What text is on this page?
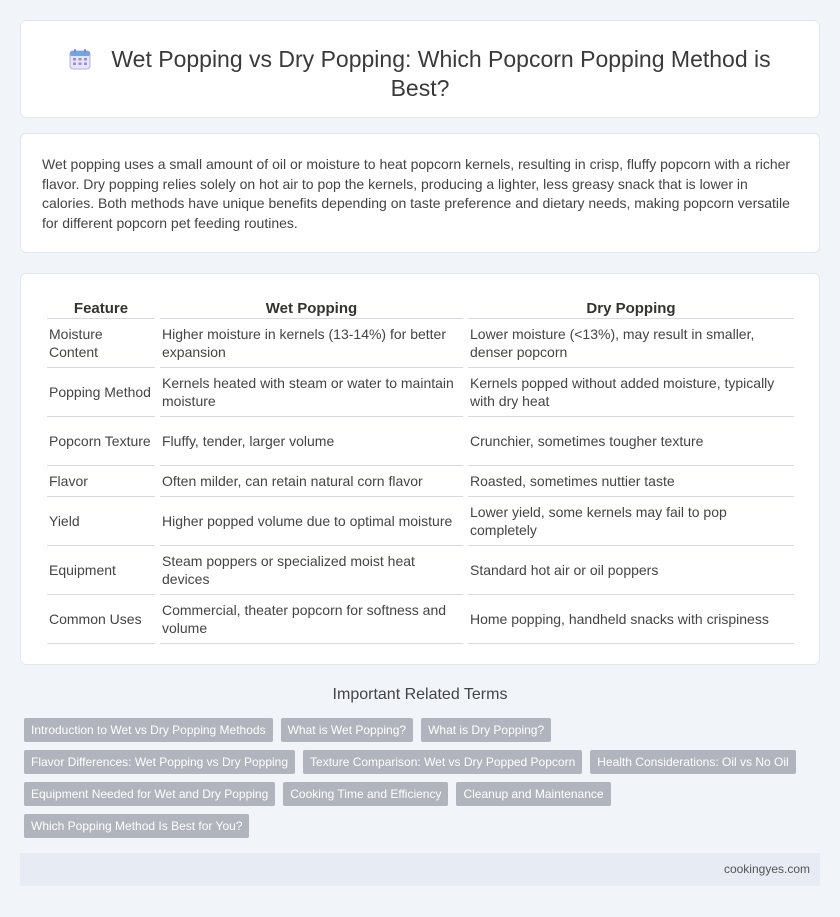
Wet Popping vs Dry Popping: Which Popcorn Popping Method is Best?

Wet popping uses a small amount of oil or moisture to heat popcorn kernels, resulting in crisp, fluffy popcorn with a richer flavor. Dry popping relies solely on hot air to pop the kernels, producing a lighter, less greasy snack that is lower in calories. Both methods have unique benefits depending on taste preference and dietary needs, making popcorn versatile for different popcorn pet feeding routines.

Feature	Wet Popping	Dry Popping
Moisture Content	Higher moisture in kernels (13-14%) for better expansion	Lower moisture (<13%), may result in smaller, denser popcorn
Popping Method	Kernels heated with steam or water to maintain moisture	Kernels popped without added moisture, typically with dry heat
Popcorn Texture	Fluffy, tender, larger volume	Crunchier, sometimes tougher texture
Flavor	Often milder, can retain natural corn flavor	Roasted, sometimes nuttier taste
Yield	Higher popped volume due to optimal moisture	Lower yield, some kernels may fail to pop completely
Equipment	Steam poppers or specialized moist heat devices	Standard hot air or oil poppers
Common Uses	Commercial, theater popcorn for softness and volume	Home popping, handheld snacks with crispiness
Important Related Terms
Introduction to Wet vs Dry Popping Methods	What is Wet Popping?	What is Dry Popping?
Flavor Differences: Wet Popping vs Dry Popping	Texture Comparison: Wet vs Dry Popped Popcorn	Health Considerations: Oil vs No Oil
Equipment Needed for Wet and Dry Popping	Cooking Time and Efficiency	Cleanup and Maintenance
Which Popping Method Is Best for You?
cookingyes.com
